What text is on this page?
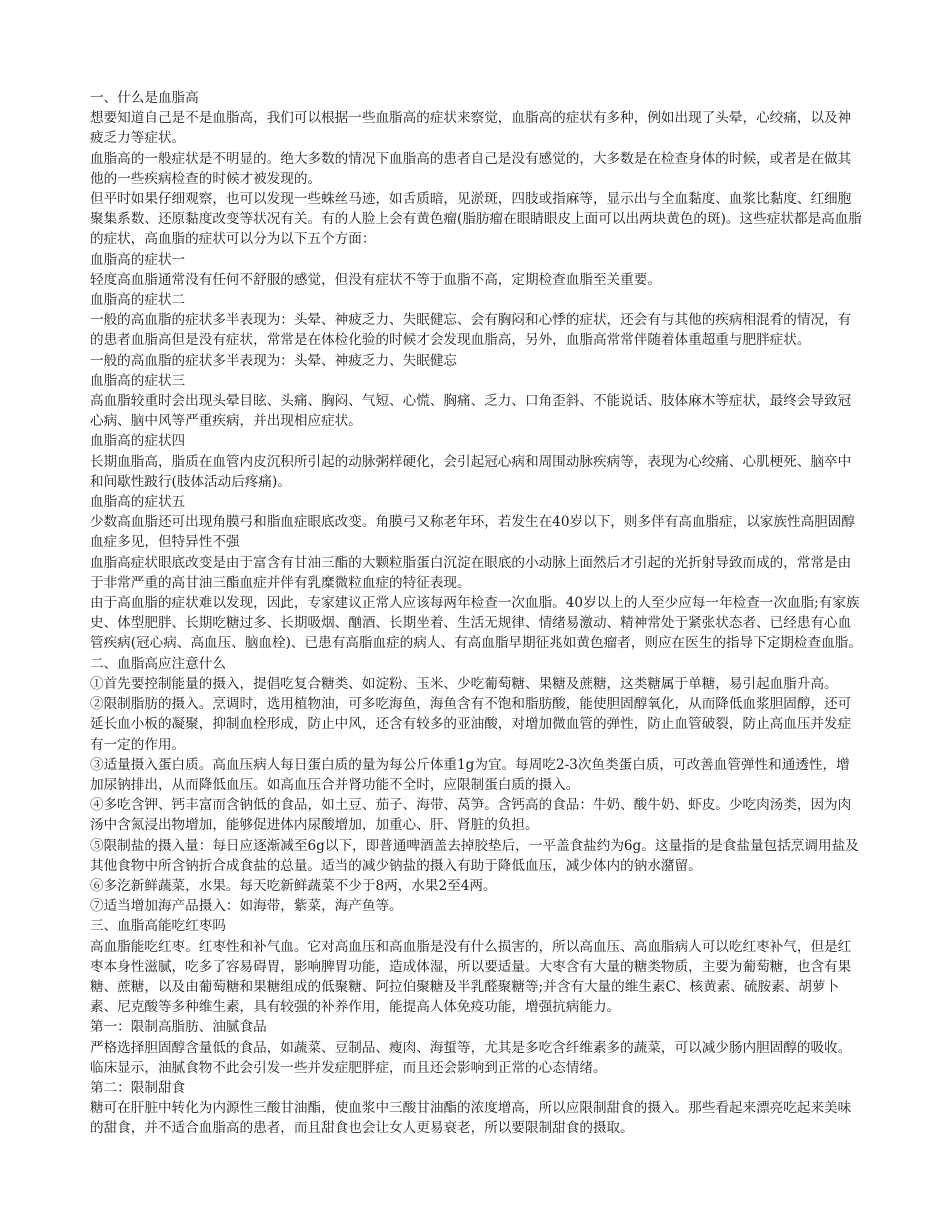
一、什么是血脂高

想要知道自己是不是血脂高，我们可以根据一些血脂高的症状来察觉，血脂高的症状有多种，例如出现了头晕，心绞痛，以及神疲乏力等症状。

血脂高的一般症状是不明显的。绝大多数的情况下血脂高的患者自己是没有感觉的，大多数是在检查身体的时候，或者是在做其他的一些疾病检查的时候才被发现的。

但平时如果仔细观察，也可以发现一些蛛丝马迹，如舌质暗，见淤斑，四肢或指麻等，显示出与全血黏度、血浆比黏度、红细胞聚集系数、还原黏度改变等状况有关。有的人脸上会有黄色瘤(脂肪瘤在眼睛眼皮上面可以出两块黄色的斑)。这些症状都是高血脂的症状，高血脂的症状可以分为以下五个方面：

血脂高的症状一

轻度高血脂通常没有任何不舒服的感觉，但没有症状不等于血脂不高，定期检查血脂至关重要。

血脂高的症状二

一般的高血脂的症状多半表现为：头晕、神疲乏力、失眠健忘、会有胸闷和心悸的症状，还会有与其他的疾病相混肴的情况，有的患者血脂高但是没有症状，常常是在体检化验的时候才会发现血脂高，另外，血脂高常常伴随着体重超重与肥胖症状。

一般的高血脂的症状多半表现为：头晕、神疲乏力、失眠健忘

血脂高的症状三

高血脂较重时会出现头晕目眩、头痛、胸闷、气短、心慌、胸痛、乏力、口角歪斜、不能说话、肢体麻木等症状，最终会导致冠心病、脑中风等严重疾病，并出现相应症状。

血脂高的症状四

长期血脂高，脂质在血管内皮沉积所引起的动脉粥样硬化，会引起冠心病和周围动脉疾病等，表现为心绞痛、心肌梗死、脑卒中和间歇性跛行(肢体活动后疼痛)。

血脂高的症状五

少数高血脂还可出现角膜弓和脂血症眼底改变。角膜弓又称老年环，若发生在40岁以下，则多伴有高血脂症，以家族性高胆固醇血症多见，但特异性不强

血脂高症状眼底改变是由于富含有甘油三酯的大颗粒脂蛋白沉淀在眼底的小动脉上面然后才引起的光折射导致而成的，常常是由于非常严重的高甘油三酯血症并伴有乳糜微粒血症的特征表现。

由于高血脂的症状难以发现，因此，专家建议正常人应该每两年检查一次血脂。40岁以上的人至少应每一年检查一次血脂;有家族史、体型肥胖、长期吃糖过多、长期吸烟、酗酒、长期坐着、生活无规律、情绪易激动、精神常处于紧张状态者、已经患有心血管疾病(冠心病、高血压、脑血栓)、已患有高脂血症的病人、有高血脂早期征兆如黄色瘤者，则应在医生的指导下定期检查血脂。

二、血脂高应注意什么

①首先要控制能量的摄入，提倡吃复合糖类、如淀粉、玉米、少吃葡萄糖、果糖及蔗糖，这类糖属于单糖，易引起血脂升高。

②限制脂肪的摄入。烹调时，选用植物油，可多吃海鱼，海鱼含有不饱和脂肪酸，能使胆固醇氧化，从而降低血浆胆固醇，还可延长血小板的凝聚，抑制血栓形成，防止中风，还含有较多的亚油酸，对增加微血管的弹性，防止血管破裂，防止高血压并发症有一定的作用。

③适量摄入蛋白质。高血压病人每日蛋白质的量为每公斤体重1g为宜。每周吃2-3次鱼类蛋白质，可改善血管弹性和通透性，增加尿钠排出，从而降低血压。如高血压合并肾功能不全时，应限制蛋白质的摄入。

④多吃含钾、钙丰富而含钠低的食品，如土豆、茄子、海带、莴笋。含钙高的食品：牛奶、酸牛奶、虾皮。少吃肉汤类，因为肉汤中含氮浸出物增加，能够促进体内尿酸增加，加重心、肝、肾脏的负担。

⑤限制盐的摄入量：每日应逐渐减至6g以下，即普通啤酒盖去掉胶垫后，一平盖食盐约为6g。这量指的是食盐量包括烹调用盐及其他食物中所含钠折合成食盐的总量。适当的减少钠盐的摄入有助于降低血压，减少体内的钠水潴留。

⑥多汔新鲜蔬菜，水果。每天吃新鲜蔬菜不少于8两，水果2至4两。

⑦适当增加海产品摄入：如海带，紫菜，海产鱼等。

三、血脂高能吃红枣吗

高血脂能吃红枣。红枣性和补气血。它对高血压和高血脂是没有什么损害的，所以高血压、高血脂病人可以吃红枣补气，但是红枣本身性滋腻，吃多了容易碍胃，影响脾胃功能，造成体湿，所以要适量。大枣含有大量的糖类物质，主要为葡萄糖，也含有果糖、蔗糖，以及由葡萄糖和果糖组成的低聚糖、阿拉伯聚糖及半乳醛聚糖等;并含有大量的维生素C、核黄素、硫胺素、胡萝卜素、尼克酸等多种维生素，具有较强的补养作用，能提高人体免疫功能，增强抗病能力。

第一：限制高脂肪、油腻食品

严格选择胆固醇含量低的食品，如蔬菜、豆制品、瘦肉、海蜇等，尤其是多吃含纤维素多的蔬菜，可以减少肠内胆固醇的吸收。临床显示，油腻食物不此会引发一些并发症肥胖症，而且还会影响到正常的心态情绪。

第二：限制甜食

糖可在肝脏中转化为内源性三酸甘油酯，使血浆中三酸甘油酯的浓度增高，所以应限制甜食的摄入。那些看起来漂亮吃起来美味的甜食，并不适合血脂高的患者，而且甜食也会让女人更易衰老，所以要限制甜食的摄取。
